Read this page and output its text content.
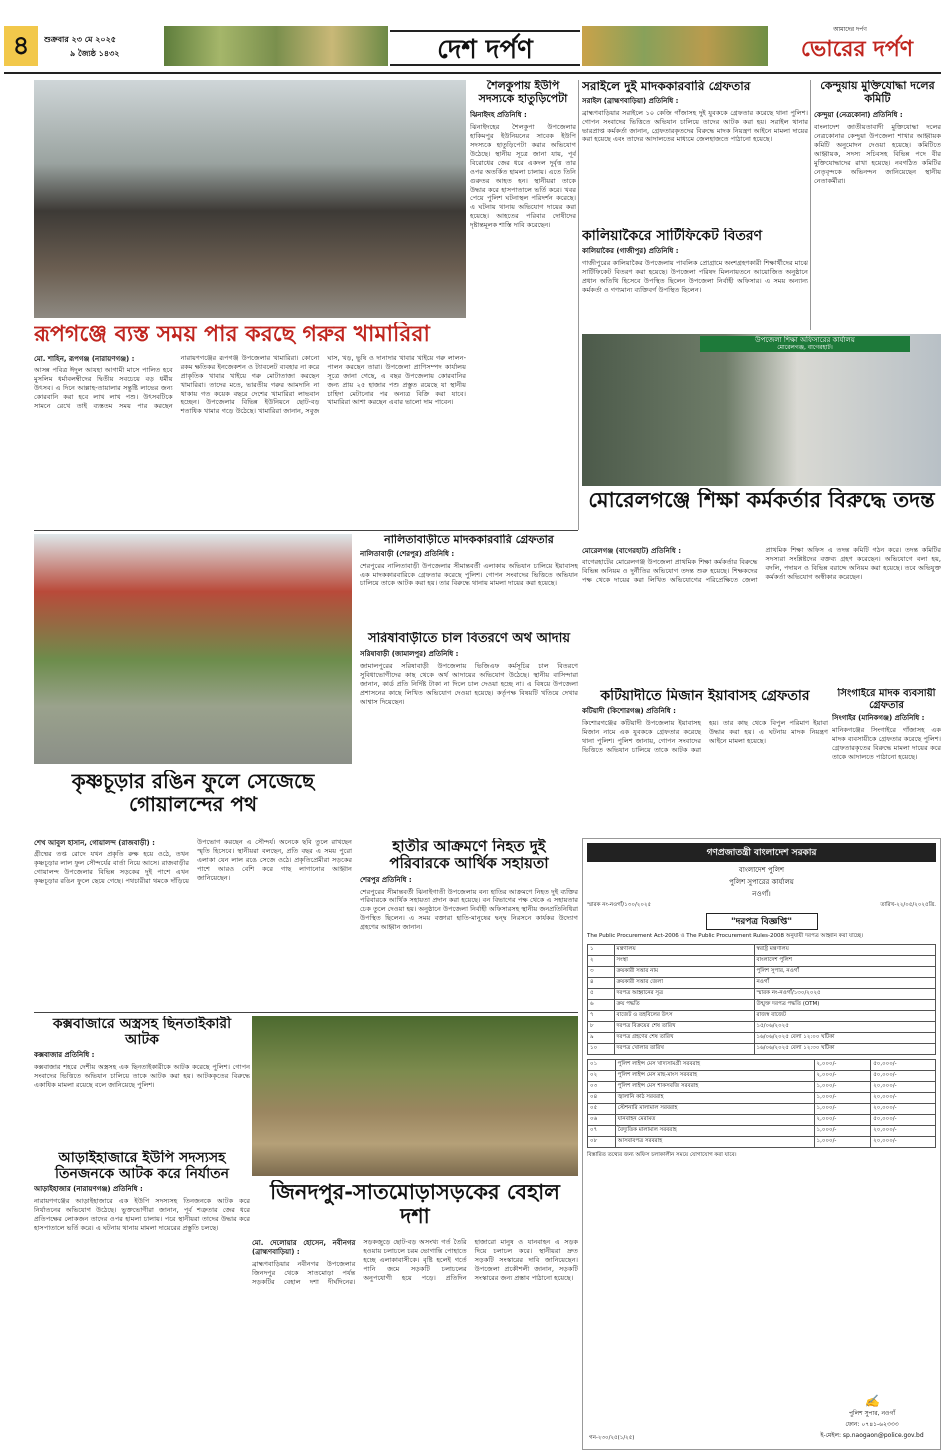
৪	শুক্রবার ২৩ মে ২০২৫
৯ জ্যৈষ্ঠ ১৪৩২	দেশ দর্পণ
আমাদের দর্পণ
ভোরের দর্পণ
রূপগঞ্জে ব্যস্ত সময় পার করছে গরুর খামারিরা
মো. শাহিন, রূপগঞ্জ (নারায়ণগঞ্জ) :
আসন্ন পবিত্র ঈদুল আযহা আগামী মাসে পালিত হবে মুসলিম ধর্মাবলম্বীদের দ্বিতীয় সবচেয়ে বড় ধর্মীয় উৎসব। এ দিনে আল্লাহ-তায়ালার সন্তুষ্টি লাভের জন্য কোরবানি করা হবে লাখ লাখ পশু। উৎসবটিকে সামনে রেখে তাই ব্যস্ততম সময় পার করছেন নারায়ণগঞ্জের রূপগঞ্জ উপজেলার খামারিরা। কোনো রকম ক্ষতিকর ইনজেকশন ও ট্যাবলেট ব্যবহার না করে প্রাকৃতিক খাবার খাইয়ে গরু মোটাতাজা করছেন খামারিরা। তাদের মতে, ভারতীয় গরুর আমদানি না থাকায় গত কয়েক বছরে দেশের খামারিরা লাভবান হচ্ছেন। উপজেলার বিভিন্ন ইউনিয়নে ছোট-বড় শতাধিক খামার গড়ে উঠেছে। খামারিরা জানান, সবুজ ঘাস, খড়, ভুষি ও দানাদার খাবার খাইয়ে গরু লালন-পালন করছেন তারা। উপজেলা প্রাণিসম্পদ কার্যালয় সূত্রে জানা গেছে, এ বছর উপজেলায় কোরবানির জন্য প্রায় ২৫ হাজার পশু প্রস্তুত রয়েছে যা স্থানীয় চাহিদা মেটানোর পর অন্যত্র বিক্রি করা যাবে। খামারিরা আশা করছেন এবার ভালো দাম পাবেন।
শৈলকুপায় ইউপি সদস্যকে হাতুড়িপেটা
ঝিনাইদহ প্রতিনিধি :
ঝিনাইদহের শৈলকুপা উপজেলার হাকিমপুর ইউনিয়নের সাবেক ইউপি সদস্যকে হাতুড়িপেটা করার অভিযোগ উঠেছে। স্থানীয় সূত্রে জানা যায়, পূর্ব বিরোধের জের ধরে একদল দুর্বৃত্ত তার ওপর অতর্কিত হামলা চালায়। এতে তিনি গুরুতর আহত হন। স্থানীয়রা তাকে উদ্ধার করে হাসপাতালে ভর্তি করে। খবর পেয়ে পুলিশ ঘটনাস্থল পরিদর্শন করেছে। এ ঘটনায় থানায় অভিযোগ দায়ের করা হয়েছে। আহতের পরিবার দোষীদের দৃষ্টান্তমূলক শাস্তি দাবি করেছেন।
সরাইলে দুই মাদককারবারি গ্রেফতার
সরাইল (ব্রাহ্মণবাড়িয়া) প্রতিনিধি :
ব্রাহ্মণবাড়িয়ার সরাইলে ১০ কেজি গাঁজাসহ দুই যুবককে গ্রেফতার করেছে থানা পুলিশ। গোপন সংবাদের ভিত্তিতে অভিযান চালিয়ে তাদের আটক করা হয়। সরাইল থানার ভারপ্রাপ্ত কর্মকর্তা জানান, গ্রেফতারকৃতদের বিরুদ্ধে মাদক নিয়ন্ত্রণ আইনে মামলা দায়ের করা হয়েছে এবং তাদের আদালতের মাধ্যমে জেলহাজতে পাঠানো হয়েছে।
কালিয়াকৈরে সার্টিফিকেট বিতরণ
কালিয়াকৈর (গাজীপুর) প্রতিনিধি :
গাজীপুরের কালিয়াকৈর উপজেলায় পাবলিক প্রোগ্রামে অংশগ্রহণকারী শিক্ষার্থীদের মাঝে সার্টিফিকেট বিতরণ করা হয়েছে। উপজেলা পরিষদ মিলনায়তনে আয়োজিত অনুষ্ঠানে প্রধান অতিথি হিসেবে উপস্থিত ছিলেন উপজেলা নির্বাহী অফিসার। এ সময় অন্যান্য কর্মকর্তা ও গণ্যমান্য ব্যক্তিবর্গ উপস্থিত ছিলেন।
কেন্দুয়ায় মুক্তিযোদ্ধা দলের কমিটি
কেন্দুয়া (নেত্রকোনা) প্রতিনিধি :
বাংলাদেশ জাতীয়তাবাদী মুক্তিযোদ্ধা দলের নেত্রকোনার কেন্দুয়া উপজেলা শাখার আহ্বায়ক কমিটি অনুমোদন দেওয়া হয়েছে। কমিটিতে আহ্বায়ক, সদস্য সচিবসহ বিভিন্ন পদে বীর মুক্তিযোদ্ধাদের রাখা হয়েছে। নবগঠিত কমিটির নেতৃবৃন্দকে অভিনন্দন জানিয়েছেন স্থানীয় নেতাকর্মীরা।
উপজেলা শিক্ষা অফিসারের কার্যালয়
মোরেলগঞ্জ, বাগেরহাট।
মোরেলগঞ্জে শিক্ষা কর্মকর্তার বিরুদ্ধে তদন্ত
কৃষ্ণচূড়ার রঙিন ফুলে সেজেছে গোয়ালন্দের পথ
শেখ আবুল হাসান, গোয়ালন্দ (রাজবাড়ী) :
গ্রীষ্মের তপ্ত রোদে যখন প্রকৃতি রুক্ষ হয়ে ওঠে, তখন কৃষ্ণচূড়ার লাল ফুল সৌন্দর্যের বার্তা নিয়ে আসে। রাজবাড়ীর গোয়ালন্দ উপজেলার বিভিন্ন সড়কের দুই পাশে এখন কৃষ্ণচূড়ার রঙিন ফুলে ছেয়ে গেছে। পথচারীরা থমকে দাঁড়িয়ে উপভোগ করছেন এ সৌন্দর্য। অনেকে ছবি তুলে রাখছেন স্মৃতি হিসেবে। স্থানীয়রা বলছেন, প্রতি বছর এ সময় পুরো এলাকা যেন লাল রঙে সেজে ওঠে। প্রকৃতিপ্রেমীরা সড়কের পাশে আরও বেশি করে গাছ লাগানোর আহ্বান জানিয়েছেন।
নালিতাবাড়ীতে মাদককারবারি গ্রেফতার
নালিতাবাড়ী (শেরপুর) প্রতিনিধি :
শেরপুরের নালিতাবাড়ী উপজেলার সীমান্তবর্তী এলাকায় অভিযান চালিয়ে ইয়াবাসহ এক মাদককারবারিকে গ্রেফতার করেছে পুলিশ। গোপন সংবাদের ভিত্তিতে অভিযান চালিয়ে তাকে আটক করা হয়। তার বিরুদ্ধে থানায় মামলা দায়ের করা হয়েছে।
সরিষাবাড়ীতে চাল বিতরণে অর্থ আদায়
সরিষাবাড়ী (জামালপুর) প্রতিনিধি :
জামালপুরের সরিষাবাড়ী উপজেলায় ভিজিএফ কর্মসূচির চাল বিতরণে সুবিধাভোগীদের কাছ থেকে অর্থ আদায়ের অভিযোগ উঠেছে। স্থানীয় বাসিন্দারা জানান, কার্ড প্রতি নির্দিষ্ট টাকা না দিলে চাল দেওয়া হচ্ছে না। এ বিষয়ে উপজেলা প্রশাসনের কাছে লিখিত অভিযোগ দেওয়া হয়েছে। কর্তৃপক্ষ বিষয়টি খতিয়ে দেখার আশ্বাস দিয়েছেন।
হাতীর আক্রমণে নিহত দুই পরিবারকে আর্থিক সহায়তা
শেরপুর প্রতিনিধি :
শেরপুরের সীমান্তবর্তী ঝিনাইগাতী উপজেলায় বন্য হাতির আক্রমণে নিহত দুই ব্যক্তির পরিবারকে আর্থিক সহায়তা প্রদান করা হয়েছে। বন বিভাগের পক্ষ থেকে এ সহায়তার চেক তুলে দেওয়া হয়। অনুষ্ঠানে উপজেলা নির্বাহী অফিসারসহ স্থানীয় জনপ্রতিনিধিরা উপস্থিত ছিলেন। এ সময় বক্তারা হাতি-মানুষের দ্বন্দ্ব নিরসনে কার্যকর উদ্যোগ গ্রহণের আহ্বান জানান।
মোরেলগঞ্জ (বাগেরহাট) প্রতিনিধি :
বাগেরহাটের মোরেলগঞ্জ উপজেলা প্রাথমিক শিক্ষা কর্মকর্তার বিরুদ্ধে বিভিন্ন অনিয়ম ও দুর্নীতির অভিযোগ তদন্ত শুরু হয়েছে। শিক্ষকদের পক্ষ থেকে দায়ের করা লিখিত অভিযোগের পরিপ্রেক্ষিতে জেলা প্রাথমিক শিক্ষা অফিস এ তদন্ত কমিটি গঠন করে। তদন্ত কমিটির সদস্যরা সংশ্লিষ্টদের বক্তব্য গ্রহণ করেছেন। অভিযোগে বলা হয়, বদলি, পদায়ন ও বিভিন্ন বরাদ্দে অনিয়ম করা হয়েছে। তবে অভিযুক্ত কর্মকর্তা অভিযোগ অস্বীকার করেছেন।
কটিয়াদীতে মিজান ইয়াবাসহ গ্রেফতার
কটিয়াদী (কিশোরগঞ্জ) প্রতিনিধি :
কিশোরগঞ্জের কটিয়াদী উপজেলায় ইয়াবাসহ মিজান নামে এক যুবককে গ্রেফতার করেছে থানা পুলিশ। পুলিশ জানায়, গোপন সংবাদের ভিত্তিতে অভিযান চালিয়ে তাকে আটক করা হয়। তার কাছ থেকে বিপুল পরিমাণ ইয়াবা উদ্ধার করা হয়। এ ঘটনায় মাদক নিয়ন্ত্রণ আইনে মামলা হয়েছে।
সিংগাইরে মাদক ব্যবসায়ী গ্রেফতার
সিংগাইর (মানিকগঞ্জ) প্রতিনিধি :
মানিকগঞ্জের সিংগাইরে গাঁজাসহ এক মাদক ব্যবসায়ীকে গ্রেফতার করেছে পুলিশ। গ্রেফতারকৃতের বিরুদ্ধে মামলা দায়ের করে তাকে আদালতে পাঠানো হয়েছে।
কক্সবাজারে অস্ত্রসহ ছিনতাইকারী আটক
কক্সবাজার প্রতিনিধি :
কক্সবাজার শহরে দেশীয় অস্ত্রসহ এক ছিনতাইকারীকে আটক করেছে পুলিশ। গোপন সংবাদের ভিত্তিতে অভিযান চালিয়ে তাকে আটক করা হয়। আটককৃতের বিরুদ্ধে একাধিক মামলা রয়েছে বলে জানিয়েছে পুলিশ।
আড়াইহাজারে ইউপি সদস্যসহ তিনজনকে আটক করে নির্যাতন
আড়াইহাজার (নারায়ণগঞ্জ) প্রতিনিধি :
নারায়ণগঞ্জের আড়াইহাজারে এক ইউপি সদস্যসহ তিনজনকে আটক করে নির্যাতনের অভিযোগ উঠেছে। ভুক্তভোগীরা জানান, পূর্ব শত্রুতার জের ধরে প্রতিপক্ষের লোকজন তাদের ওপর হামলা চালায়। পরে স্থানীয়রা তাদের উদ্ধার করে হাসপাতালে ভর্তি করে। এ ঘটনায় থানায় মামলা দায়েরের প্রস্তুতি চলছে।
জিনদপুর-সাতমোড়াসড়কের বেহাল দশা
মো. দেলোয়ার হোসেন, নবীনগর (ব্রাহ্মণবাড়িয়া) :
ব্রাহ্মণবাড়িয়ার নবীনগর উপজেলার জিনদপুর থেকে সাতমোড়া পর্যন্ত সড়কটির বেহাল দশা দীর্ঘদিনের। সড়কজুড়ে ছোট-বড় অসংখ্য গর্ত তৈরি হওয়ায় চলাচলে চরম ভোগান্তি পোহাতে হচ্ছে এলাকাবাসীকে। বৃষ্টি হলেই গর্তে পানি জমে সড়কটি চলাচলের অনুপযোগী হয়ে পড়ে। প্রতিদিন হাজারো মানুষ ও যানবাহন এ সড়ক দিয়ে চলাচল করে। স্থানীয়রা দ্রুত সড়কটি সংস্কারের দাবি জানিয়েছেন। উপজেলা প্রকৌশলী জানান, সড়কটি সংস্কারের জন্য প্রস্তাব পাঠানো হয়েছে।
গণপ্রজাতন্ত্রী বাংলাদেশ সরকার
বাংলাদেশ পুলিশ
পুলিশ সুপারের কার্যালয়
নওগাঁ।
স্মারক নং-নওগাঁ/১৩০/২০২৫	তারিখ-২২/০৫/২০২৫খ্রি.
"দরপত্র বিজ্ঞপ্তি"
The Public Procurement Act-2006 ও The Public Procurement Rules-2008 অনুযায়ী দরপত্র আহ্বান করা যাচ্ছে।
১	মন্ত্রণালয়	স্বরাষ্ট্র মন্ত্রণালয়
২	সংস্থা	বাংলাদেশ পুলিশ
৩	ক্রয়কারী সত্তার নাম	পুলিশ সুপার, নওগাঁ
৪	ক্রয়কারী সত্তার জেলা	নওগাঁ
৫	দরপত্র আহ্বানের সূত্র	স্মারক নং-নওগাঁ/১৩০/২০২৫
৬	ক্রয় পদ্ধতি	উন্মুক্ত দরপত্র পদ্ধতি (OTM)
৭	বাজেট ও তহবিলের উৎস	রাজস্ব বাজেট
৮	দরপত্র বিক্রয়ের শেষ তারিখ	১৫/০৬/২০২৫
৯	দরপত্র গ্রহণের শেষ তারিখ	১৬/০৬/২০২৫ বেলা ১২:০০ ঘটিকা
১০	দরপত্র খোলার তারিখ	১৬/০৬/২০২৫ বেলা ১২:৩০ ঘটিকা
০১	পুলিশ লাইন্স মেস খাদ্যসামগ্রী সরবরাহ	২,০০০/-	৫০,০০০/-
০২	পুলিশ লাইন্স মেস মাছ-মাংস সরবরাহ	২,০০০/-	৫০,০০০/-
০৩	পুলিশ লাইন্স মেস শাকসবজি সরবরাহ	১,০০০/-	২০,০০০/-
০৪	জ্বালানি কাঠ সরবরাহ	১,০০০/-	২০,০০০/-
০৫	স্টেশনারি মালামাল সরবরাহ	১,০০০/-	২০,০০০/-
০৬	যানবাহন মেরামত	২,০০০/-	৫০,০০০/-
০৭	বৈদ্যুতিক মালামাল সরবরাহ	১,০০০/-	২০,০০০/-
০৮	আসবাবপত্র সরবরাহ	১,০০০/-	২০,০০০/-
বিস্তারিত তথ্যের জন্য অফিস চলাকালীন সময়ে যোগাযোগ করা যাবে।
✍
পুলিশ সুপার, নওগাঁ
ফোন: ০৭৪১-৬২৩৩৩
ই-মেইল: sp.naogaon@police.gov.bd
গন-২৩০/২৫(১/২৫)
